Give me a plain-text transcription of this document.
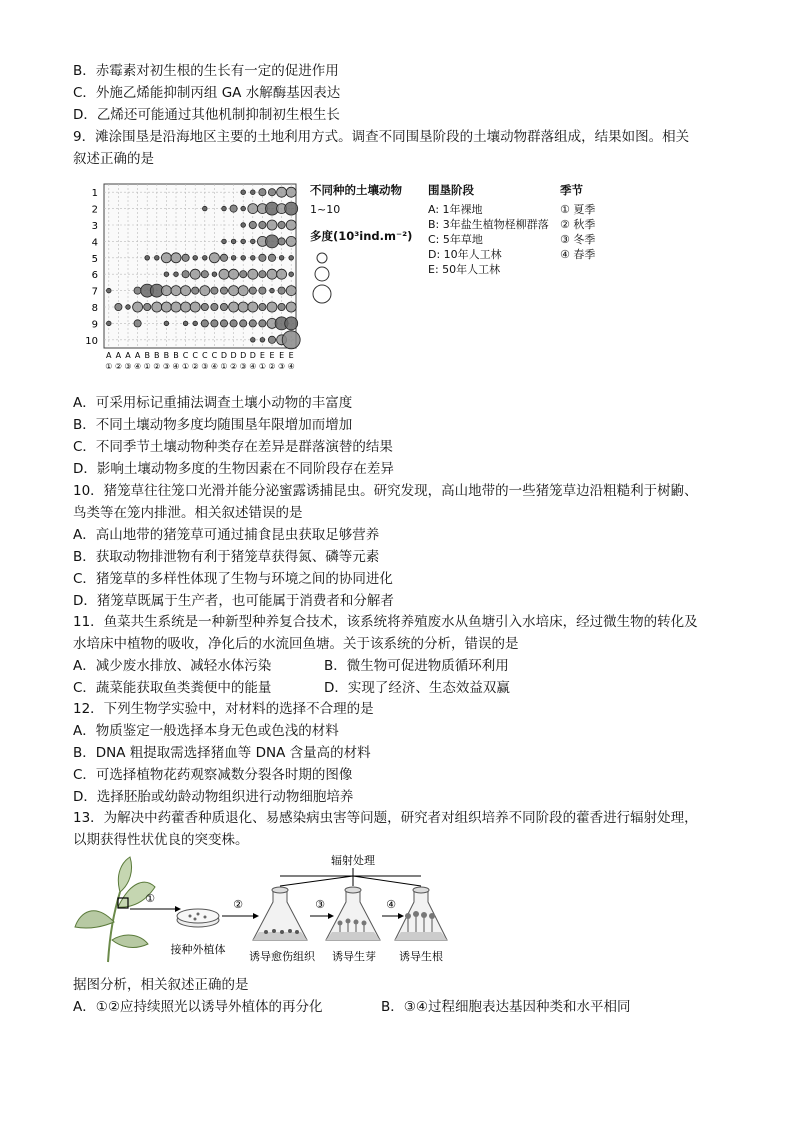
B．赤霉素对初生根的生长有一定的促进作用
C．外施乙烯能抑制丙组 GA 水解酶基因表达
D．乙烯还可能通过其他机制抑制初生根生长
9．滩涂围垦是沿海地区主要的土地利用方式。调查不同围垦阶段的土壤动物群落组成，结果如图。相关
叙述正确的是
1
2
3
4
5
6
7
8
9
10
A
①
A
②
A
③
A
④
B
①
B
②
B
③
B
④
C
①
C
②
C
③
C
④
D
①
D
②
D
③
D
④
E
①
E
②
E
③
E
④
不同种的土壤动物
1~10
多度(10³ind.m⁻²)
围垦阶段
A: 1年裸地
B: 3年盐生植物柽柳群落
C: 5年草地
D: 10年人工林
E: 50年人工林
季节
① 夏季
② 秋季
③ 冬季
④ 春季
A．可采用标记重捕法调查土壤小动物的丰富度
B．不同土壤动物多度均随围垦年限增加而增加
C．不同季节土壤动物种类存在差异是群落演替的结果
D．影响土壤动物多度的生物因素在不同阶段存在差异
10．猪笼草往往笼口光滑并能分泌蜜露诱捕昆虫。研究发现，高山地带的一些猪笼草边沿粗糙利于树鼩、
鸟类等在笼内排泄。相关叙述错误的是
A．高山地带的猪笼草可通过捕食昆虫获取足够营养
B．获取动物排泄物有利于猪笼草获得氮、磷等元素
C．猪笼草的多样性体现了生物与环境之间的协同进化
D．猪笼草既属于生产者，也可能属于消费者和分解者
11．鱼菜共生系统是一种新型种养复合技术，该系统将养殖废水从鱼塘引入水培床，经过微生物的转化及
水培床中植物的吸收，净化后的水流回鱼塘。关于该系统的分析，错误的是
A．减少废水排放、减轻水体污染	B．微生物可促进物质循环利用
C．蔬菜能获取鱼类粪便中的能量	D．实现了经济、生态效益双赢
12．下列生物学实验中，对材料的选择不合理的是
A．物质鉴定一般选择本身无色或色浅的材料
B．DNA 粗提取需选择猪血等 DNA 含量高的材料
C．可选择植物花药观察减数分裂各时期的图像
D．选择胚胎或幼龄动物组织进行动物细胞培养
13．为解决中药藿香种质退化、易感染病虫害等问题，研究者对组织培养不同阶段的藿香进行辐射处理，
以期获得性状优良的突变株。
①
接种外植体
②
诱导愈伤组织
③
诱导生芽
④
诱导生根
辐射处理
据图分析，相关叙述正确的是
A．①②应持续照光以诱导外植体的再分化	B．③④过程细胞表达基因种类和水平相同
